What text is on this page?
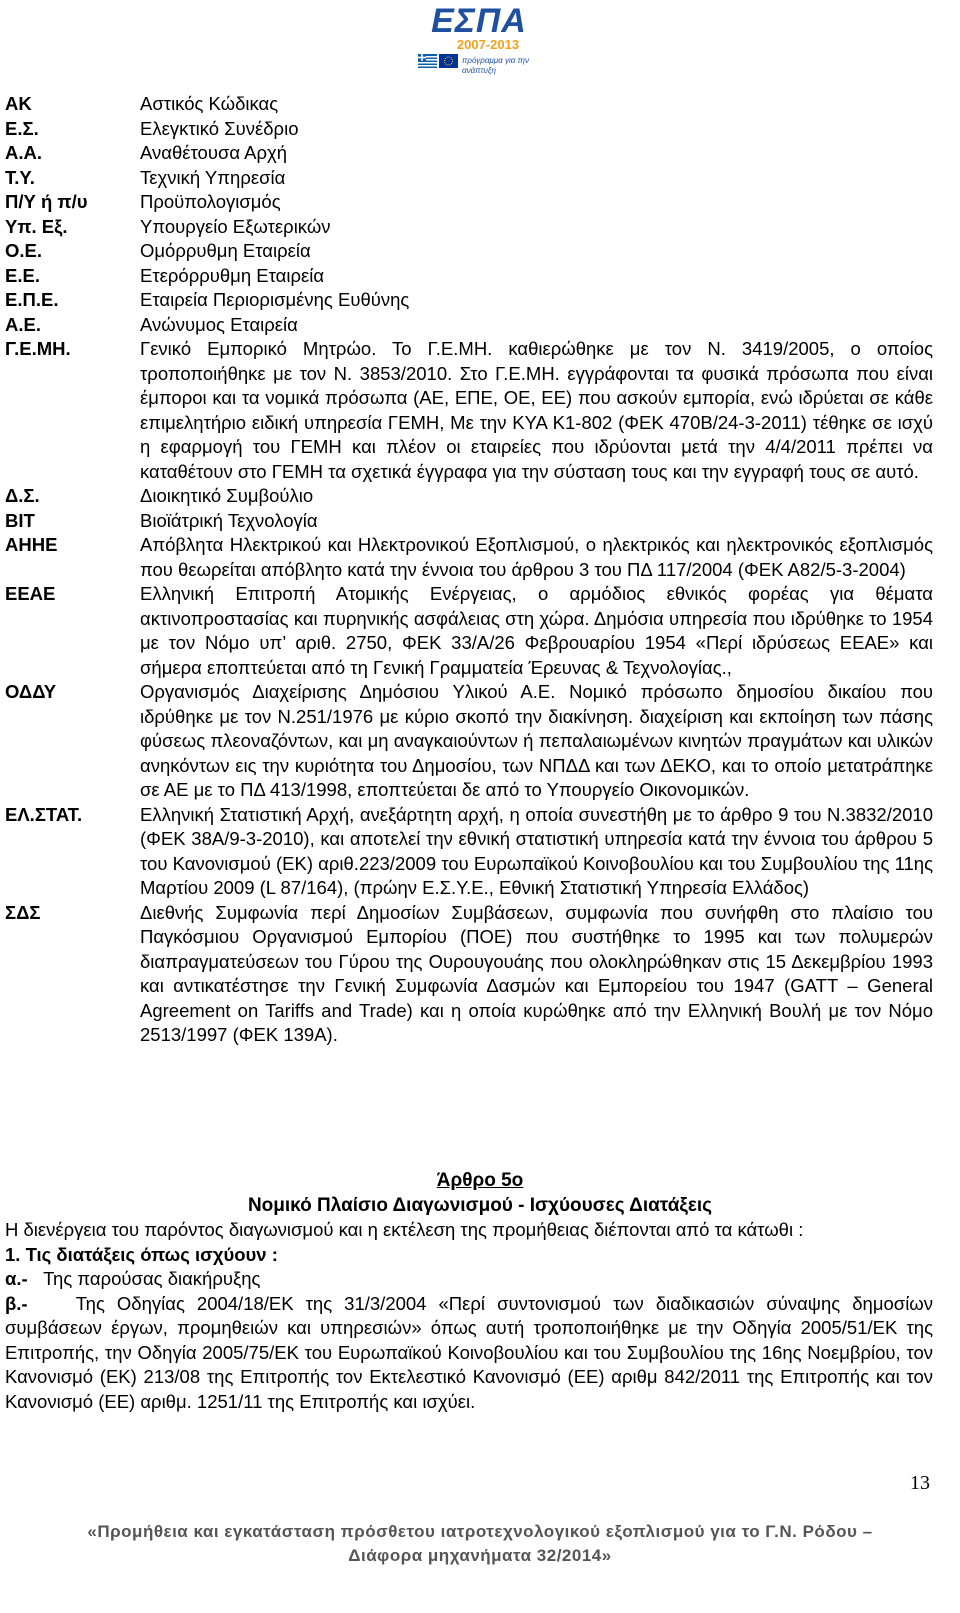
ΕΣΠΑ
2007-2013
πρόγραμμα για την ανάπτυξη
ΑΚ	Αστικός Κώδικας
Ε.Σ.	Ελεγκτικό Συνέδριο
Α.Α.	Αναθέτουσα Αρχή
Τ.Υ.	Τεχνική Υπηρεσία
Π/Υ ή π/υ	Προϋπολογισμός
Υπ. Εξ.	Υπουργείο Εξωτερικών
Ο.Ε.	Ομόρρυθμη Εταιρεία
Ε.Ε.	Ετερόρρυθμη Εταιρεία
Ε.Π.Ε.	Εταιρεία Περιορισμένης Ευθύνης
Α.Ε.	Ανώνυμος Εταιρεία
Γ.Ε.ΜΗ.	Γενικό Εμπορικό Μητρώο. Το Γ.Ε.ΜΗ. καθιερώθηκε με τον Ν. 3419/2005, ο οποίος τροποποιήθηκε με τον Ν. 3853/2010. Στο Γ.Ε.ΜΗ. εγγράφονται τα φυσικά πρόσωπα που είναι έμποροι και τα νομικά πρόσωπα (ΑΕ, ΕΠΕ, ΟΕ, ΕΕ) που ασκούν εμπορία, ενώ ιδρύεται σε κάθε επιμελητήριο ειδική υπηρεσία ΓΕΜΗ, Με την ΚΥΑ Κ1-802 (ΦΕΚ 470Β/24-3-2011) τέθηκε σε ισχύ η εφαρμογή του ΓΕΜΗ και πλέον οι εταιρείες που ιδρύονται μετά την 4/4/2011 πρέπει να καταθέτουν στο ΓΕΜΗ τα σχετικά έγγραφα για την σύσταση τους και την εγγραφή τους σε αυτό.
Δ.Σ.	Διοικητικό Συμβούλιο
ΒΙΤ	Βιοϊάτρική Τεχνολογία
ΑΗΗΕ	Απόβλητα Ηλεκτρικού και Ηλεκτρονικού Εξοπλισμού, ο ηλεκτρικός και ηλεκτρονικός εξοπλισμός που θεωρείται απόβλητο κατά την έννοια του άρθρου 3 του ΠΔ 117/2004 (ΦΕΚ Α82/5-3-2004)
ΕΕΑΕ	Ελληνική Επιτροπή Ατομικής Ενέργειας, ο αρμόδιος εθνικός φορέας για θέματα ακτινοπροστασίας και πυρηνικής ασφάλειας στη χώρα. Δημόσια υπηρεσία που ιδρύθηκε το 1954 με τον Νόμο υπ’ αριθ. 2750, ΦΕΚ 33/Α/26 Φεβρουαρίου 1954 «Περί ιδρύσεως ΕΕΑΕ» και σήμερα εποπτεύεται από τη Γενική Γραμματεία Έρευνας & Τεχνολογίας.,
ΟΔΔΥ	Οργανισμός Διαχείρισης Δημόσιου Υλικού Α.Ε. Νομικό πρόσωπο δημοσίου δικαίου που ιδρύθηκε με τον Ν.251/1976 με κύριο σκοπό την διακίνηση. διαχείριση και εκποίηση των πάσης φύσεως πλεοναζόντων, και μη αναγκαιούντων ή πεπαλαιωμένων κινητών πραγμάτων και υλικών ανηκόντων εις την κυριότητα του Δημοσίου, των ΝΠΔΔ και των ΔΕΚΟ, και το οποίο μετατράπηκε σε ΑΕ με το ΠΔ 413/1998, εποπτεύεται δε από το Υπουργείο Οικονομικών.
ΕΛ.ΣΤΑΤ.	Ελληνική Στατιστική Αρχή, ανεξάρτητη αρχή, η οποία συνεστήθη με το άρθρο 9 του Ν.3832/2010 (ΦΕΚ 38Α/9-3-2010), και αποτελεί την εθνική στατιστική υπηρεσία κατά την έννοια του άρθρου 5 του Κανονισμού (ΕΚ) αριθ.223/2009 του Ευρωπαϊκού Κοινοβουλίου και του Συμβουλίου της 11ης Μαρτίου 2009 (L 87/164), (πρώην Ε.Σ.Υ.Ε., Εθνική Στατιστική Υπηρεσία Ελλάδος)
ΣΔΣ	Διεθνής Συμφωνία περί Δημοσίων Συμβάσεων, συμφωνία που συνήφθη στο πλαίσιο του Παγκόσμιου Οργανισμού Εμπορίου (ΠΟΕ) που συστήθηκε το 1995 και των πολυμερών διαπραγματεύσεων του Γύρου της Ουρουγουάης που ολοκληρώθηκαν στις 15 Δεκεμβρίου 1993 και αντικατέστησε την Γενική Συμφωνία Δασμών και Εμπορείου του 1947 (GATT – General Agreement on Tariffs and Trade) και η οποία κυρώθηκε από την Ελληνική Βουλή με τον Νόμο 2513/1997 (ΦΕΚ 139Α).
Άρθρο 5ο
Νομικό Πλαίσιο Διαγωνισμού - Ισχύουσες Διατάξεις

Η διενέργεια του παρόντος διαγωνισμού και η εκτέλεση της προμήθειας διέπονται από τα κάτωθι :

1. Τις διατάξεις όπως ισχύουν :

α.- Της παρούσας διακήρυξης

β.-	Της Οδηγίας 2004/18/ΕΚ της 31/3/2004 «Περί συντονισμού των διαδικασιών σύναψης δημοσίων συμβάσεων έργων, προμηθειών και υπηρεσιών» όπως αυτή τροποποιήθηκε με την Οδηγία 2005/51/ΕΚ της Επιτροπής, την Οδηγία 2005/75/ΕΚ του Ευρωπαϊκού Κοινοβουλίου και του Συμβουλίου της 16ης Νοεμβρίου, τον Κανονισμό (ΕΚ) 213/08 της Επιτροπής τον Εκτελεστικό Κανονισμό (ΕΕ) αριθμ 842/2011 της Επιτροπής και τον Κανονισμό (ΕΕ) αριθμ. 1251/11 της Επιτροπής και ισχύει.

13
«Προμήθεια και εγκατάσταση πρόσθετου ιατροτεχνολογικού εξοπλισμού για το Γ.Ν. Ρόδου –
Διάφορα μηχανήματα 32/2014»
